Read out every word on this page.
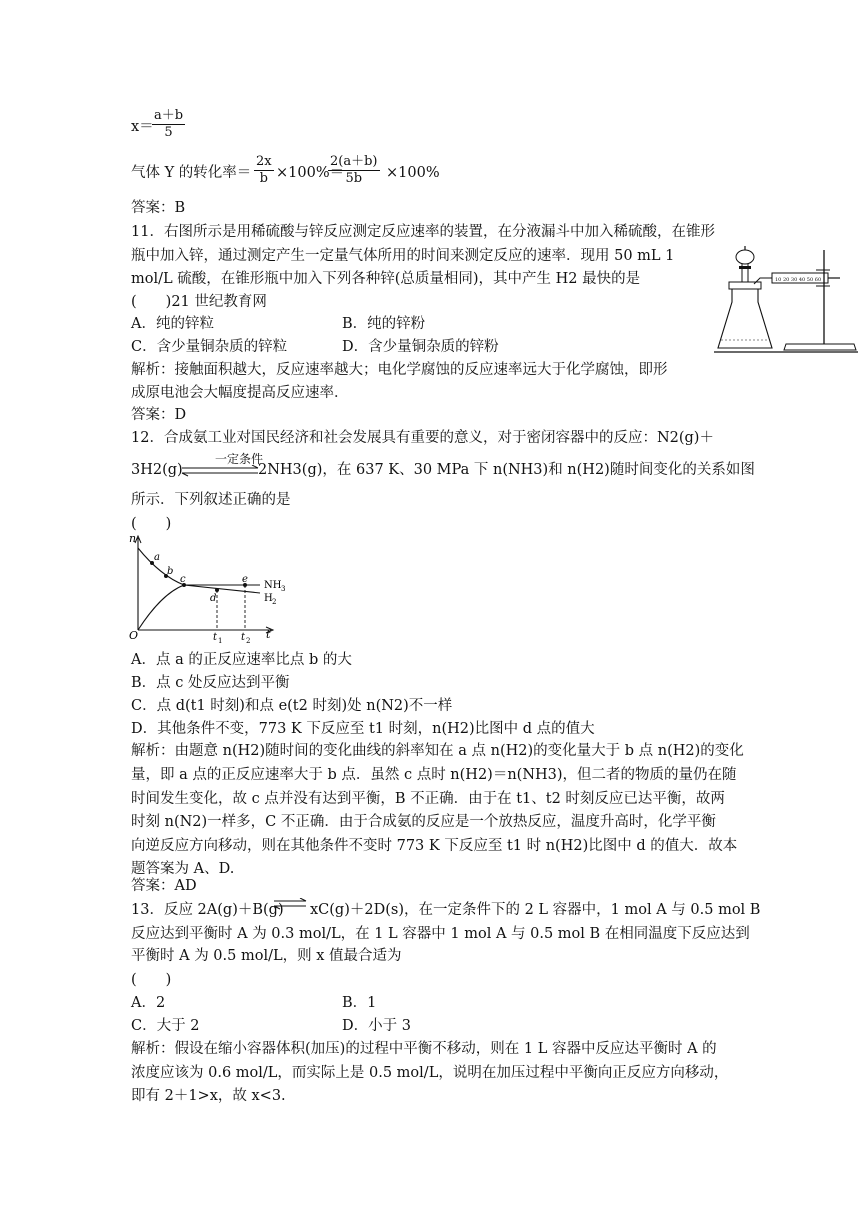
x＝
$\frac{a+b}{5}$
气体 Y 的转化率＝ $\frac{2x}{b} \times 100\%=$
$\frac{2(a+b)}{5b} \times 100\%$
答案：B
11．右图所示是用稀硫酸与锌反应测定反应速率的装置，在分液漏斗中加入稀硫酸，在锥形
瓶中加入锌，通过测定产生一定量气体所用的时间来测定反应的速率．现用 50 mL 1
mol/L 硫酸，在锥形瓶中加入下列各种锌(总质量相同)，其中产生 H2 最快的是
(　　)21 世纪教育网
A．纯的锌粒	B．纯的锌粉
C．含少量铜杂质的锌粒	D．含少量铜杂质的锌粉
解析：接触面积越大，反应速率越大；电化学腐蚀的反应速率远大于化学腐蚀，即形
成原电池会大幅度提高反应速率．
答案：D
10 20 30 40 50 60
12．合成氨工业对国民经济和社会发展具有重要的意义，对于密闭容器中的反应：N2(g)＋
3H2(g)
一定条件
2NH3(g)，在 637 K、30 MPa 下 n(NH3)和 n(H2)随时间变化的关系如图
所示．下列叙述正确的是
(　　)
n
t
O
a
b
c
d
e
t 1 t 2
NH 3
H 2
A．点 a 的正反应速率比点 b 的大
B．点 c 处反应达到平衡
C．点 d(t1 时刻)和点 e(t2 时刻)处 n(N2)不一样
D．其他条件不变，773 K 下反应至 t1 时刻，n(H2)比图中 d 点的值大
解析：由题意 n(H2)随时间的变化曲线的斜率知在 a 点 n(H2)的变化量大于 b 点 n(H2)的变化
量，即 a 点的正反应速率大于 b 点．虽然 c 点时 n(H2)＝n(NH3)，但二者的物质的量仍在随
时间发生变化，故 c 点并没有达到平衡，B 不正确．由于在 t1、t2 时刻反应已达平衡，故两
时刻 n(N2)一样多，C 不正确．由于合成氨的反应是一个放热反应，温度升高时，化学平衡
向逆反应方向移动，则在其他条件不变时 773 K 下反应至 t1 时 n(H2)比图中 d 的值大．故本
题答案为 A、D.
答案：AD
13．反应 2A(g)＋B(g) ⇌ xC(g)＋2D(s)，在一定条件下的 2 L 容器中，1 mol A 与 0.5 mol B
反应达到平衡时 A 为 0.3 mol/L，在 1 L 容器中 1 mol A 与 0.5 mol B 在相同温度下反应达到
平衡时 A 为 0.5 mol/L，则 x 值最合适为
(　　)
A．2	B．1
C．大于 2	D．小于 3
解析：假设在缩小容器体积(加压)的过程中平衡不移动，则在 1 L 容器中反应达平衡时 A 的
浓度应该为 0.6 mol/L，而实际上是 0.5 mol/L，说明在加压过程中平衡向正反应方向移动，
即有 2＋1>x，故 x<3.
